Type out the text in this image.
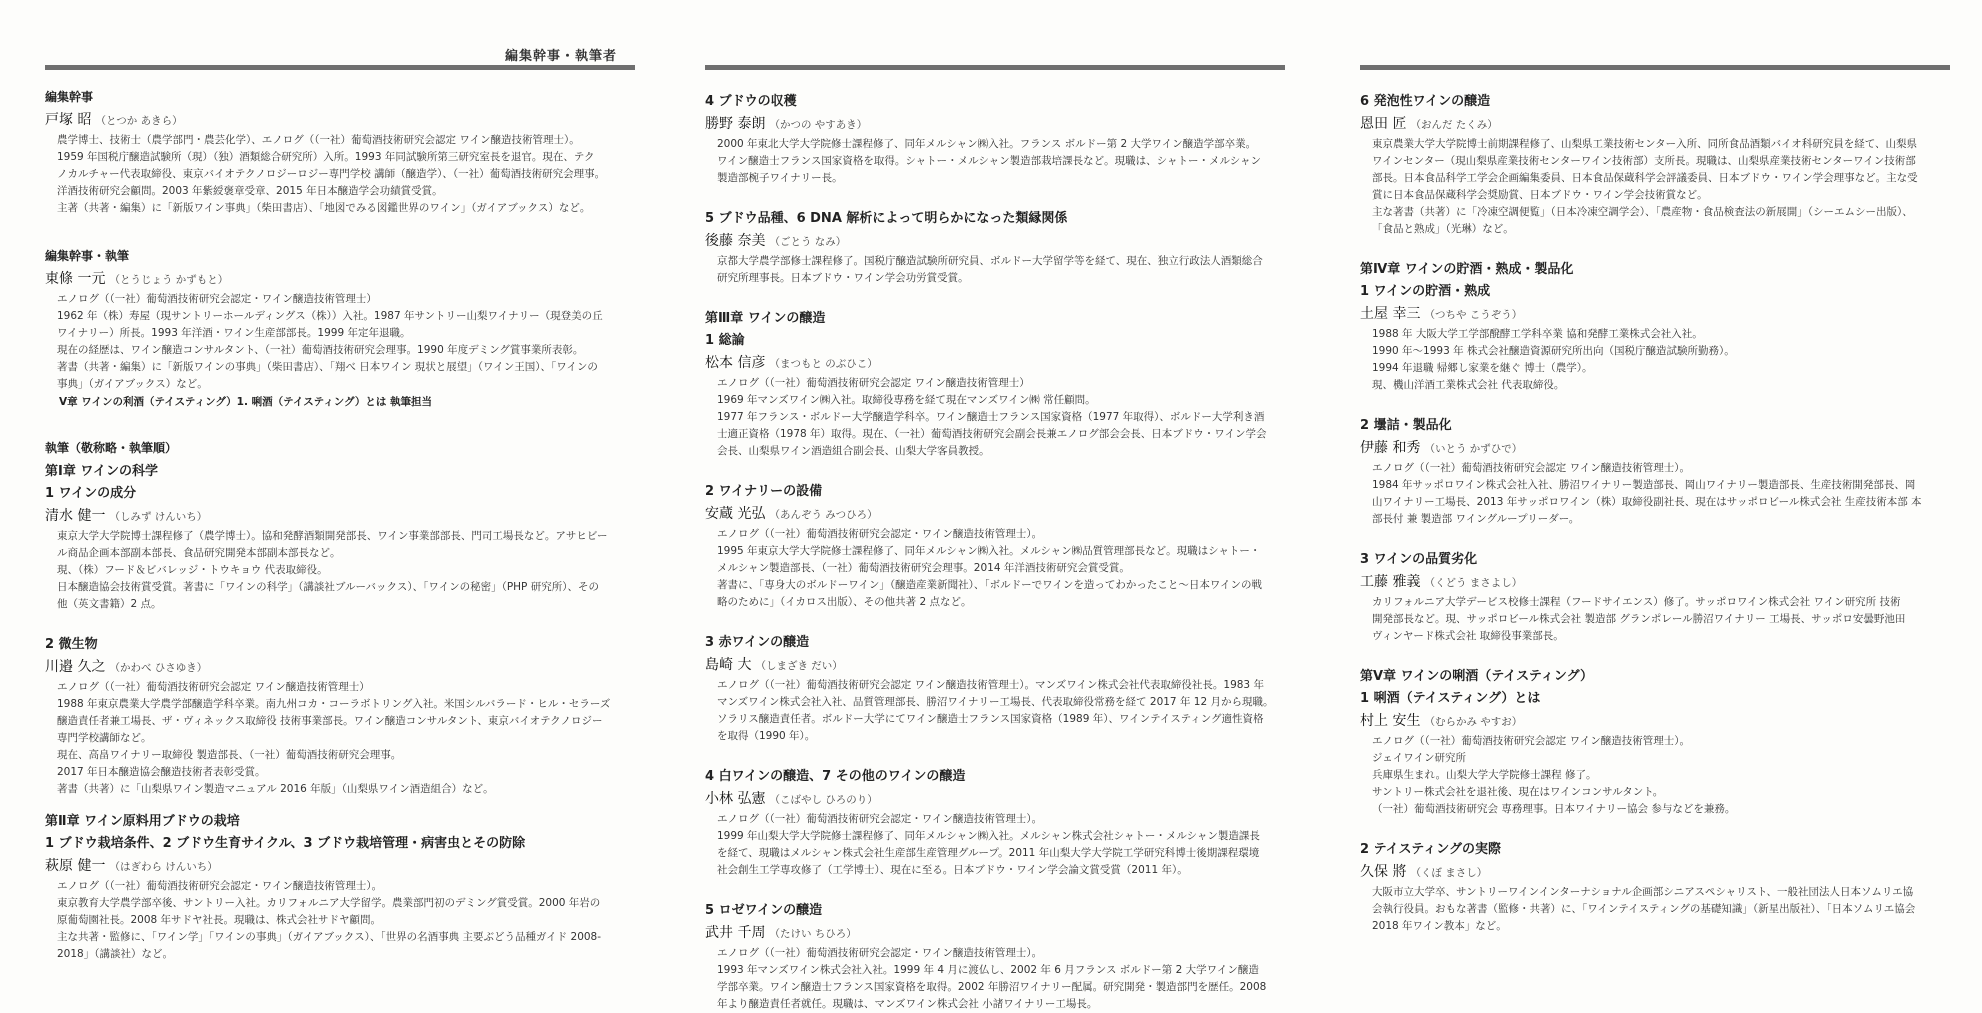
編集幹事・執筆者
編集幹事
戸塚 昭 （とつか あきら）

農学博士、技術士（農学部門・農芸化学）、エノログ（（一社）葡萄酒技術研究会認定 ワイン醸造技術管理士）。

1959 年国税庁醸造試験所（現）（独）酒類総合研究所）入所。1993 年同試験所第三研究室長を退官。現在、テク

ノカルチャー代表取締役、東京バイオテクノロジーロジー専門学校 講師（醸造学）、（一社）葡萄酒技術研究会理事。

洋酒技術研究会顧問。2003 年紫綬褒章受章、2015 年日本醸造学会功績賞受賞。

主著（共著・編集）に「新版ワイン事典」（柴田書店）、「地図でみる図鑑世界のワイン」（ガイアブックス）など。

編集幹事・執筆
東條 一元 （とうじょう かずもと）

エノログ（（一社）葡萄酒技術研究会認定・ワイン醸造技術管理士）

1962 年（株）寿屋（現サントリーホールディングス（株））入社。1987 年サントリー山梨ワイナリー（現登美の丘

ワイナリー）所長。1993 年洋酒・ワイン生産部部長。1999 年定年退職。

現在の経歴は、ワイン醸造コンサルタント、（一社）葡萄酒技術研究会理事。1990 年度デミング賞事業所表彰。

著書（共著・編集）に「新版ワインの事典」（柴田書店）、「翔べ 日本ワイン 現状と展望」（ワイン王国）、「ワインの

事典」（ガイアブックス）など。

V章 ワインの利酒（テイスティング）1. 唎酒（テイスティング）とは 執筆担当
執筆（敬称略・執筆順）
第Ⅰ章 ワインの科学
1 ワインの成分
清水 健一 （しみず けんいち）

東京大学大学院博士課程修了（農学博士）。協和発酵酒類開発部長、ワイン事業部部長、門司工場長など。アサヒビー

ル商品企画本部副本部長、食品研究開発本部副本部長など。

現、（株）フード＆ビバレッジ・トウキョウ 代表取締役。

日本醸造協会技術賞受賞。著書に「ワインの科学」（講談社ブルーバックス）、「ワインの秘密」（PHP 研究所）、その

他（英文書籍）2 点。

2 微生物
川邉 久之 （かわべ ひさゆき）

エノログ（（一社）葡萄酒技術研究会認定 ワイン醸造技術管理士）

1988 年東京農業大学農学部醸造学科卒業。南九州コカ・コーラボトリング入社。米国シルバラード・ヒル・セラーズ

醸造責任者兼工場長、ザ・ヴィネックス取締役 技術事業部長。ワイン醸造コンサルタント、東京バイオテクノロジー

専門学校講師など。

現在、高畠ワイナリー取締役 製造部長、（一社）葡萄酒技術研究会理事。

2017 年日本醸造協会醸造技術者表彰受賞。

著書（共著）に「山梨県ワイン製造マニュアル 2016 年版」（山梨県ワイン酒造組合）など。

第Ⅱ章 ワイン原料用ブドウの栽培
1 ブドウ栽培条件、2 ブドウ生育サイクル、3 ブドウ栽培管理・病害虫とその防除
萩原 健一 （はぎわら けんいち）

エノログ（（一社）葡萄酒技術研究会認定・ワイン醸造技術管理士）。

東京教育大学農学部卒後、サントリー入社。カリフォルニア大学留学。農業部門初のデミング賞受賞。2000 年岩の

原葡萄園社長。2008 年サドヤ社長。現職は、株式会社サドヤ顧問。

主な共著・監修に、「ワイン学」「ワインの事典」（ガイアブックス）、「世界の名酒事典 主要ぶどう品種ガイド 2008-

2018」（講談社）など。

4 ブドウの収穫
勝野 泰朗 （かつの やすあき）

2000 年東北大学大学院修士課程修了、同年メルシャン㈱入社。フランス ボルドー第 2 大学ワイン醸造学部卒業。

ワイン醸造士フランス国家資格を取得。シャトー・メルシャン製造部栽培課長など。現職は、シャトー・メルシャン

製造部椀子ワイナリー長。

5 ブドウ品種、6 DNA 解析によって明らかになった類縁関係
後藤 奈美 （ごとう なみ）

京都大学農学部修士課程修了。国税庁醸造試験所研究員、ボルドー大学留学等を経て、現在、独立行政法人酒類総合

研究所理事長。日本ブドウ・ワイン学会功労賞受賞。

第Ⅲ章 ワインの醸造
1 総論
松本 信彦 （まつもと のぶひこ）

エノログ（（一社）葡萄酒技術研究会認定 ワイン醸造技術管理士）

1969 年マンズワイン㈱入社。取締役専務を経て現在マンズワイン㈱ 常任顧問。

1977 年フランス・ボルドー大学醸造学科卒。ワイン醸造士フランス国家資格（1977 年取得）、ボルドー大学利き酒

士適正資格（1978 年）取得。現在、（一社）葡萄酒技術研究会副会長兼エノログ部会会長、日本ブドウ・ワイン学会

会長、山梨県ワイン酒造組合副会長、山梨大学客員教授。

2 ワイナリーの設備
安蔵 光弘 （あんぞう みつひろ）

エノログ（（一社）葡萄酒技術研究会認定・ワイン醸造技術管理士）。

1995 年東京大学大学院修士課程修了、同年メルシャン㈱入社。メルシャン㈱品質管理部長など。現職はシャトー・

メルシャン製造部長、（一社）葡萄酒技術研究会理事。2014 年洋酒技術研究会賞受賞。

著書に、「専身大のボルドーワイン」（醸造産業新聞社）、「ボルドーでワインを造ってわかったこと〜日本ワインの戦

略のために」（イカロス出版）、その他共著 2 点など。

3 赤ワインの醸造
島崎 大 （しまざき だい）

エノログ（（一社）葡萄酒技術研究会認定 ワイン醸造技術管理士）。マンズワイン株式会社代表取締役社長。1983 年

マンズワイン株式会社入社、品質管理部長、勝沼ワイナリー工場長、代表取締役常務を経て 2017 年 12 月から現職。

ソラリス醸造責任者。ボルドー大学にてワイン醸造士フランス国家資格（1989 年）、ワインテイスティング適性資格

を取得（1990 年）。

4 白ワインの醸造、7 その他のワインの醸造
小林 弘憲 （こばやし ひろのり）

エノログ（（一社）葡萄酒技術研究会認定・ワイン醸造技術管理士）。

1999 年山梨大学大学院修士課程修了、同年メルシャン㈱入社。メルシャン株式会社シャトー・メルシャン製造課長

を経て、現職はメルシャン株式会社生産部生産管理グループ。2011 年山梨大学大学院工学研究科博士後期課程環境

社会創生工学専攻修了（工学博士）、現在に至る。日本ブドウ・ワイン学会論文賞受賞（2011 年）。

5 ロゼワインの醸造
武井 千周 （たけい ちひろ）

エノログ（（一社）葡萄酒技術研究会認定・ワイン醸造技術管理士）。

1993 年マンズワイン株式会社入社。1999 年 4 月に渡仏し、2002 年 6 月フランス ボルドー第 2 大学ワイン醸造

学部卒業。ワイン醸造士フランス国家資格を取得。2002 年勝沼ワイナリー配属。研究開発・製造部門を歴任。2008

年より醸造責任者就任。現職は、マンズワイン株式会社 小諸ワイナリー工場長。

6 発泡性ワインの醸造
恩田 匠 （おんだ たくみ）

東京農業大学大学院博士前期課程修了、山梨県工業技術センター入所、同所食品酒類バイオ科研究員を経て、山梨県

ワインセンター（現山梨県産業技術センターワイン技術部）支所長。現職は、山梨県産業技術センターワイン技術部

部長。日本食品科学工学会企画編集委員、日本食品保蔵科学会評議委員、日本ブドウ・ワイン学会理事など。主な受

賞に日本食品保蔵科学会奨励賞、日本ブドウ・ワイン学会技術賞など。

主な著書（共著）に「冷凍空調便覧」（日本冷凍空調学会）、「農産物・食品検査法の新展開」（シーエムシー出版）、

「食品と熟成」（光琳）など。

第Ⅳ章 ワインの貯酒・熟成・製品化
1 ワインの貯酒・熟成
土屋 幸三 （つちや こうぞう）

1988 年 大阪大学工学部醗酵工学科卒業 協和発酵工業株式会社入社。

1990 年〜1993 年 株式会社醸造資源研究所出向（国税庁醸造試験所勤務）。

1994 年退職 帰郷し家業を継ぐ 博士（農学）。

現、機山洋酒工業株式会社 代表取締役。

2 壜詰・製品化
伊藤 和秀 （いとう かずひで）

エノログ（（一社）葡萄酒技術研究会認定 ワイン醸造技術管理士）。

1984 年サッポロワイン株式会社入社、勝沼ワイナリー製造部長、岡山ワイナリー製造部長、生産技術開発部長、岡

山ワイナリー工場長、2013 年サッポロワイン（株）取締役副社長、現在はサッポロビール株式会社 生産技術本部 本

部長付 兼 製造部 ワイングループリーダー。

3 ワインの品質劣化
工藤 雅義 （くどう まさよし）

カリフォルニア大学デービス校修士課程（フードサイエンス）修了。サッポロワイン株式会社 ワイン研究所 技術

開発部長など。現、サッポロビール株式会社 製造部 グランポレール勝沼ワイナリー 工場長、サッポロ安曇野池田

ヴィンヤード株式会社 取締役事業部長。

第Ⅴ章 ワインの唎酒（テイスティング）
1 唎酒（テイスティング）とは
村上 安生 （むらかみ やすお）

エノログ（（一社）葡萄酒技術研究会認定 ワイン醸造技術管理士）。

ジェイワイン研究所

兵庫県生まれ。山梨大学大学院修士課程 修了。

サントリー株式会社を退社後、現在はワインコンサルタント。

（一社）葡萄酒技術研究会 専務理事。日本ワイナリー協会 参与などを兼務。

2 テイスティングの実際
久保 將 （くぼ まさし）

大阪市立大学卒、サントリーワインインターナショナル企画部シニアスペシャリスト、一般社団法人日本ソムリエ協

会執行役員。おもな著書（監修・共著）に、「ワインテイスティングの基礎知識」（新星出版社）、「日本ソムリエ協会

2018 年ワイン教本」など。
